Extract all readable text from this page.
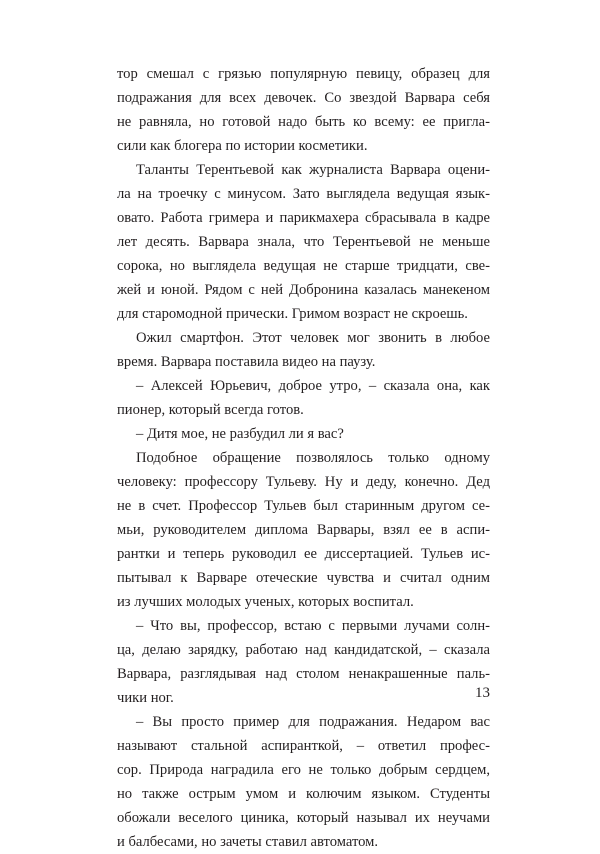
тор смешал с грязью популярную певицу, образец для
подражания для всех девочек. Со звездой Варвара себя
не равняла, но готовой надо быть ко всему: ее пригла-
сили как блогера по истории косметики.
Таланты Терентьевой как журналиста Варвара оцени-
ла на троечку с минусом. Зато выглядела ведущая язык-
овато. Работа гримера и парикмахера сбрасывала в кадре
лет десять. Варвара знала, что Терентьевой не меньше
сорока, но выглядела ведущая не старше тридцати, све-
жей и юной. Рядом с ней Добронина казалась манекеном
для старомодной прически. Гримом возраст не скроешь.
Ожил смартфон. Этот человек мог звонить в любое
время. Варвара поставила видео на паузу.
– Алексей Юрьевич, доброе утро, – сказала она, как
пионер, который всегда готов.
– Дитя мое, не разбудил ли я вас?
Подобное обращение позволялось только одному
человеку: профессору Тульеву. Ну и деду, конечно. Дед
не в счет. Профессор Тульев был старинным другом се-
мьи, руководителем диплома Варвары, взял ее в аспи-
рантки и теперь руководил ее диссертацией. Тульев ис-
пытывал к Варваре отеческие чувства и считал одним
из лучших молодых ученых, которых воспитал.
– Что вы, профессор, встаю с первыми лучами солн-
ца, делаю зарядку, работаю над кандидатской, – сказала
Варвара, разглядывая над столом ненакрашенные паль-
чики ног.
– Вы просто пример для подражания. Недаром вас
называют стальной аспиранткой, – ответил профес-
сор. Природа наградила его не только добрым сердцем,
но также острым умом и колючим языком. Студенты
обожали веселого циника, который называл их неучами
и балбесами, но зачеты ставил автоматом.
13
